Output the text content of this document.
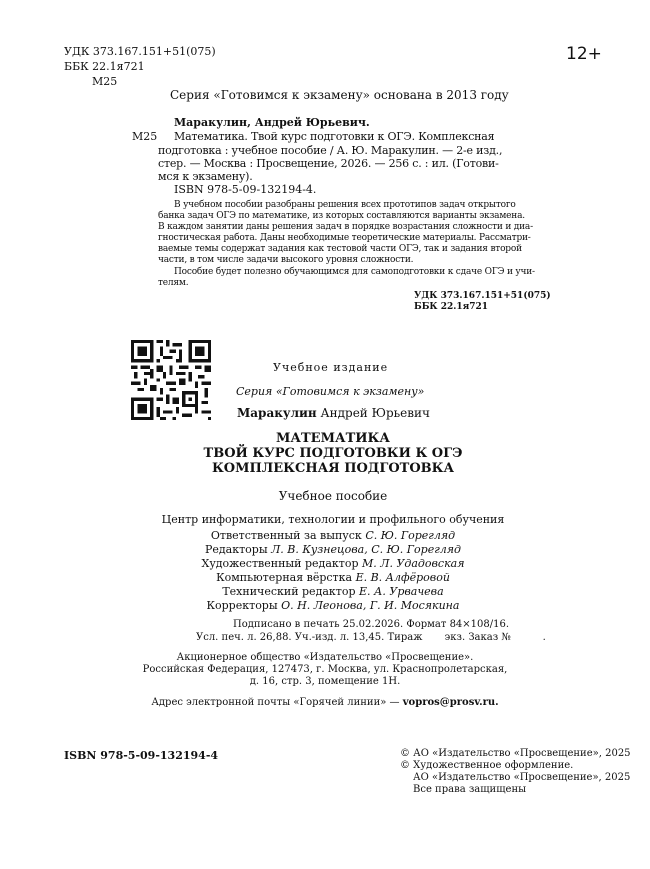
УДК 373.167.151+51(075)
ББК 22.1я721
М25
12+
Серия «Готовимся к экзамену» основана в 2013 году
Маракулин, Андрей Юрьевич.
М25 Математика. Твой курс подготовки к ОГЭ. Комплексная
подготовка : учебное пособие / А. Ю. Маракулин. — 2-е изд.,
стер. — Москва : Просвещение, 2026. — 256 с. : ил. (Готови-
мся к экзамену).
ISBN 978-5-09-132194-4.
В учебном пособии разобраны решения всех прототипов задач открытого
банка задач ОГЭ по математике, из которых составляются варианты экзамена.
В каждом занятии даны решения задач в порядке возрастания сложности и диа-
гностическая работа. Даны необходимые теоретические материалы. Рассматри-
ваемые темы содержат задания как тестовой части ОГЭ, так и задания второй
части, в том числе задачи высокого уровня сложности.
Пособие будет полезно обучающимся для самоподготовки к сдаче ОГЭ и учи-
телям.
УДК 373.167.151+51(075)
ББК 22.1я721
Учебное издание
Серия «Готовимся к экзамену»
Маракулин Андрей Юрьевич
МАТЕМАТИКА
ТВОЙ КУРС ПОДГОТОВКИ К ОГЭ
КОМПЛЕКСНАЯ ПОДГОТОВКА
Учебное пособие
Центр информатики, технологии и профильного обучения
Ответственный за выпуск С. Ю. Горегляд
Редакторы Л. В. Кузнецова, С. Ю. Горегляд
Художественный редактор М. Л. Удадовская
Компьютерная вёрстка Е. В. Алфёровой
Технический редактор Е. А. Урвачева
Корректоры О. Н. Леонова, Г. И. Мосякина
Подписано в печать 25.02.2026. Формат 84×108/16.
Усл. печ. л. 26,88. Уч.-изд. л. 13,45. Тираж       экз. Заказ №          .
Акционерное общество «Издательство «Просвещение».
Российская Федерация, 127473, г. Москва, ул. Краснопролетарская,
д. 16, стр. 3, помещение 1Н.
Адрес электронной почты «Горячей линии» — vopros@prosv.ru.
ISBN 978-5-09-132194-4	© АО «Издательство «Просвещение», 2025
© Художественное оформление.
АО «Издательство «Просвещение», 2025
Все права защищены
